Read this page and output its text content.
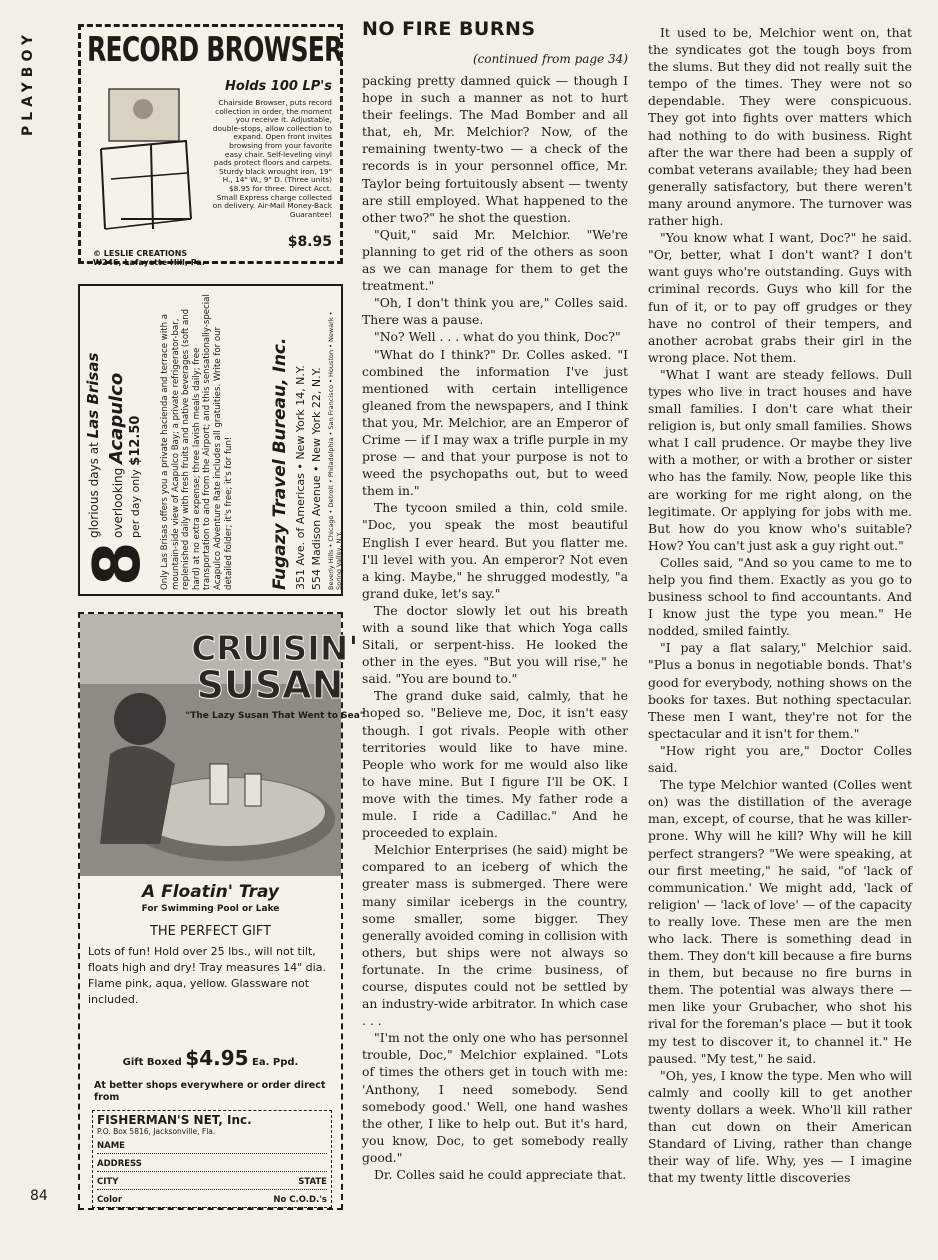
PLAYBOY
84
RECORD BROWSER
Holds 100 LP's
Chairside Browser, puts record collection in order, the moment you receive it. Adjustable, double-stops, allow collection to expand. Open front invites browsing from your favorite easy chair. Self-leveling vinyl pads protect floors and carpets. Sturdy black wrought iron, 19" H., 14" W., 9" D. (Three units) $8.95 for three. Direct Acct. Small Express charge collected on delivery. Air-Mail Money-Back Guarantee!
$8.95
© LESLIE CREATIONS
W246, Lafayette Hill, Pa.
8
glorious days at Las Brisas
overlooking Acapulco
per day only $12.50 Only Las Brisas offers you a private hacienda and terrace with a mountain-side view of Acapulco Bay; a private refrigerator-bar, replenished daily with fresh fruits and native beverages (soft and hard) at no extra expense; three lavish meals daily; free transportation to and from the Airport; and this sensationally-special Acapulco Adventure Rate includes all gratuities. Write for our detailed folder; it's free; it's for fun! Fugazy Travel Bureau, Inc. 351 Ave. of Americas • New York 14, N.Y. 554 Madison Avenue • New York 22, N.Y. Beverly Hills • Chicago • Detroit • Philadelphia • San Francisco • Houston • Newark • Spring Valley, N.Y.
CRUISIN'
SUSAN
"The Lazy Susan That Went to Sea"
A Floatin' Tray
For Swimming Pool or Lake
THE PERFECT GIFT
Lots of fun! Hold over 25 lbs., will not tilt, floats high and dry! Tray measures 14" dia. Flame pink, aqua, yellow. Glassware not included.
Gift Boxed $4.95 Ea. Ppd.
At better shops everywhere or order direct from
FISHERMAN'S NET, Inc.
P.O. Box 5816, Jacksonville, Fla.
NAME
ADDRESS
CITY	STATE
Color	No C.O.D.'s
NO FIRE BURNS
(continued from page 34)

packing pretty damned quick — though I hope in such a manner as not to hurt their feelings. The Mad Bomber and all that, eh, Mr. Melchior? Now, of the remaining twenty-two — a check of the records is in your personnel office, Mr. Taylor being fortuitously absent — twenty are still employed. What happened to the other two?" he shot the question.

"Quit," said Mr. Melchior. "We're planning to get rid of the others as soon as we can manage for them to get the treatment."

"Oh, I don't think you are," Colles said. There was a pause.

"No? Well . . . what do you think, Doc?"

"What do I think?" Dr. Colles asked. "I combined the information I've just mentioned with certain intelligence gleaned from the newspapers, and I think that you, Mr. Melchior, are an Emperor of Crime — if I may wax a trifle purple in my prose — and that your purpose is not to weed the psychopaths out, but to weed them in."

The tycoon smiled a thin, cold smile. "Doc, you speak the most beautiful English I ever heard. But you flatter me. I'll level with you. An emperor? Not even a king. Maybe," he shrugged modestly, "a grand duke, let's say."

The doctor slowly let out his breath with a sound like that which Yoga calls Sitali, or serpent-hiss. He looked the other in the eyes. "But you will rise," he said. "You are bound to."

The grand duke said, calmly, that he hoped so. "Believe me, Doc, it isn't easy though. I got rivals. People with other territories would like to have mine. People who work for me would also like to have mine. But I figure I'll be OK. I move with the times. My father rode a mule. I ride a Cadillac." And he proceeded to explain.

Melchior Enterprises (he said) might be compared to an iceberg of which the greater mass is submerged. There were many similar icebergs in the country, some smaller, some bigger. They generally avoided coming in collision with others, but ships were not always so fortunate. In the crime business, of course, disputes could not be settled by an industry-wide arbitrator. In which case . . .

"I'm not the only one who has personnel trouble, Doc," Melchior explained. "Lots of times the others get in touch with me: 'Anthony, I need somebody. Send somebody good.' Well, one hand washes the other, I like to help out. But it's hard, you know, Doc, to get somebody really good."

Dr. Colles said he could appreciate that.

It used to be, Melchior went on, that the syndicates got the tough boys from the slums. But they did not really suit the tempo of the times. They were not so dependable. They were conspicuous. They got into fights over matters which had nothing to do with business. Right after the war there had been a supply of combat veterans available; they had been generally satisfactory, but there weren't many around anymore. The turnover was rather high.

"You know what I want, Doc?" he said. "Or, better, what I don't want? I don't want guys who're outstanding. Guys with criminal records. Guys who kill for the fun of it, or to pay off grudges or they have no control of their tempers, and another acrobat grabs their girl in the wrong place. Not them.

"What I want are steady fellows. Dull types who live in tract houses and have small families. I don't care what their religion is, but only small families. Shows what I call prudence. Or maybe they live with a mother, or with a brother or sister who has the family. Now, people like this are working for me right along, on the legitimate. Or applying for jobs with me. But how do you know who's suitable? How? You can't just ask a guy right out."

Colles said, "And so you came to me to help you find them. Exactly as you go to business school to find accountants. And I know just the type you mean." He nodded, smiled faintly.

"I pay a flat salary," Melchior said. "Plus a bonus in negotiable bonds. That's good for everybody, nothing shows on the books for taxes. But nothing spectacular. These men I want, they're not for the spectacular and it isn't for them."

"How right you are," Doctor Colles said.

The type Melchior wanted (Colles went on) was the distillation of the average man, except, of course, that he was killer-prone. Why will he kill? Why will he kill perfect strangers? "We were speaking, at our first meeting," he said, "of 'lack of communication.' We might add, 'lack of religion' — 'lack of love' — of the capacity to really love. These men are the men who lack. There is something dead in them. They don't kill because a fire burns in them, but because no fire burns in them. The potential was always there — men like your Grubacher, who shot his rival for the foreman's place — but it took my test to discover it, to channel it." He paused. "My test," he said.

"Oh, yes, I know the type. Men who will calmly and coolly kill to get another twenty dollars a week. Who'll kill rather than cut down on their American Standard of Living, rather than change their way of life. Why, yes — I imagine that my twenty little discoveries
